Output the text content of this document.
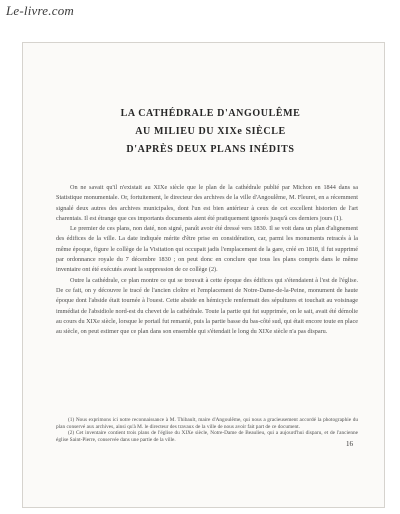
Le-livre.com
LA CATHÉDRALE D'ANGOULÊME
AU MILIEU DU XIXe SIÈCLE
D'APRÈS DEUX PLANS INÉDITS

On ne savait qu'il n'existait au XIXe siècle que le plan de la cathédrale publié par Michon en 1844 dans sa Statistique monumentale. Or, fortuitement, le directeur des archives de la ville d'Angoulême, M. Fleuret, en a récemment signalé deux autres des archives municipales, dont l'un est bien antérieur à ceux de cet excellent historien de l'art charentais. Il est étrange que ces importants documents aient été pratiquement ignorés jusqu'à ces derniers jours (1).

Le premier de ces plans, non daté, non signé, paraît avoir été dressé vers 1830. Il se voit dans un plan d'alignement des édifices de la ville. La date indiquée mérite d'être prise en considération, car, parmi les monuments retracés à la même époque, figure le collège de la Visitation qui occupait jadis l'emplacement de la gare, créé en 1818, il fut supprimé par ordonnance royale du 7 décembre 1830 ; on peut donc en conclure que tous les plans compris dans le même inventaire ont été exécutés avant la suppression de ce collège (2).

Outre la cathédrale, ce plan montre ce qui se trouvait à cette époque des édifices qui s'étendaient à l'est de l'église. De ce fait, on y découvre le tracé de l'ancien cloître et l'emplacement de Notre-Dame-de-la-Peine, monument de haute époque dont l'abside était tournée à l'ouest. Cette abside en hémicycle renfermait des sépultures et touchait au voisinage immédiat de l'absidiole nord-est du chevet de la cathédrale. Toute la partie qui fut supprimée, on le sait, avait été démolie au cours du XIXe siècle, lorsque le portail fut remanié, puis la partie basse du bas-côté sud, qui était encore toute en place au siècle, on peut estimer que ce plan dans son ensemble qui s'étendait le long du XIXe siècle n'a pas disparu.

(1) Nous exprimons ici notre reconnaissance à M. Thibault, maire d'Angoulême, qui nous a gracieusement accordé la photographie du plan conservé aux archives, ainsi qu'à M. le directeur des travaux de la ville de nous avoir fait part de ce document.

(2) Cet inventaire contient trois plans de l'église du XIXe siècle, Notre-Dame de Beaulieu, qui a aujourd'hui disparu, et de l'ancienne église Saint-Pierre, conservée dans une partie de la ville.

16
